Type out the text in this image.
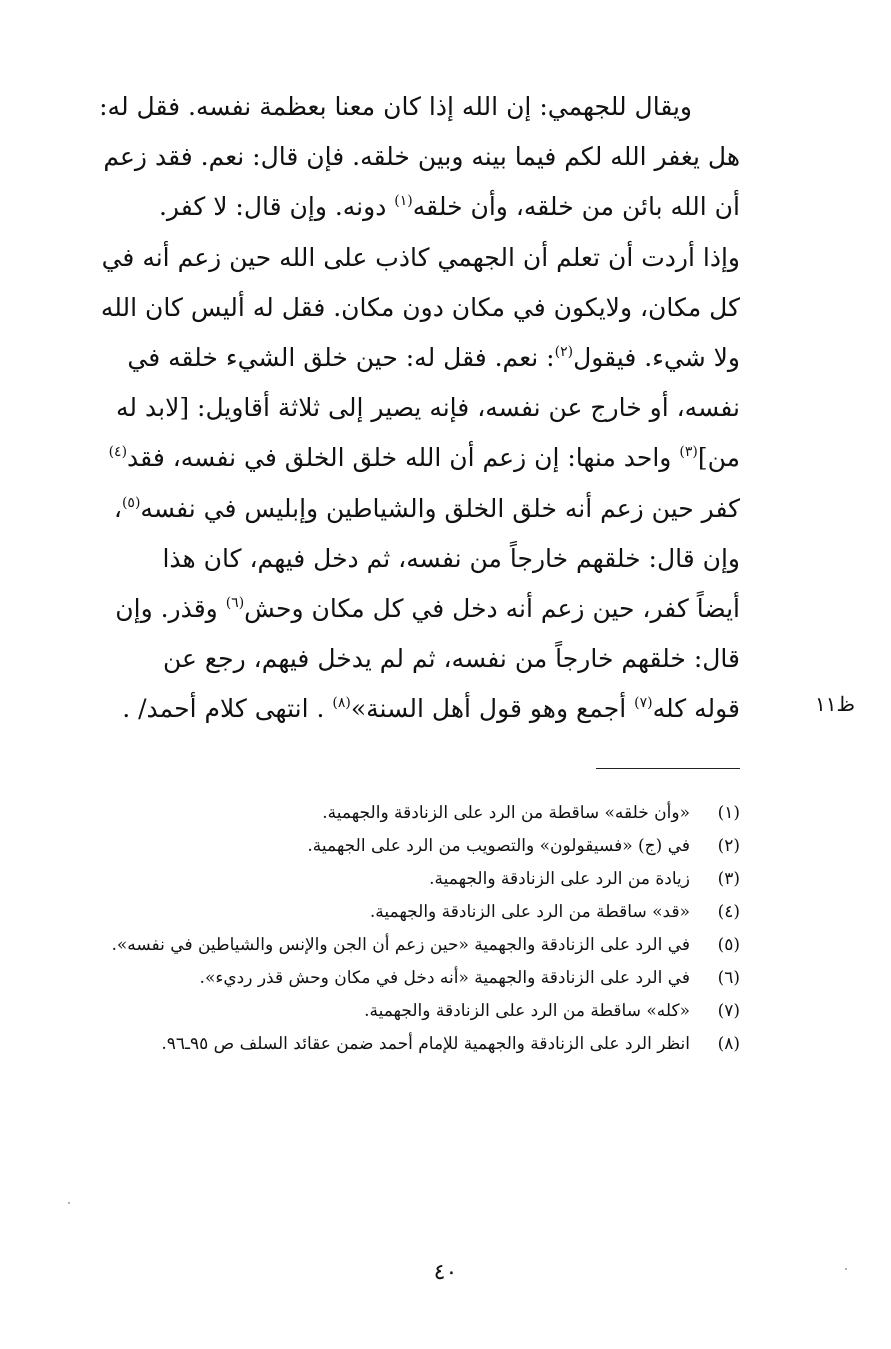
ويقال للجهمي: إن الله إذا كان معنا بعظمة نفسه. فقل له:
هل يغفر الله لكم فيما بينه وبين خلقه. فإن قال: نعم. فقد زعم
أن الله بائن من خلقه، وأن خلقه$^{(١)}$ دونه. وإن قال: لا كفر.
وإذا أردت أن تعلم أن الجهمي كاذب على الله حين زعم أنه في
كل مكان، ولايكون في مكان دون مكان. فقل له أليس كان الله
ولا شيء. فيقول$^{(٢)}$: نعم. فقل له: حين خلق الشيء خلقه في
نفسه، أو خارج عن نفسه، فإنه يصير إلى ثلاثة أقاويل: [لابد له
من]$^{(٣)}$ واحد منها: إن زعم أن الله خلق الخلق في نفسه، فقد$^{(٤)}$
كفر حين زعم أنه خلق الخلق والشياطين وإبليس في نفسه$^{(٥)}$،
وإن قال: خلقهم خارجاً من نفسه، ثم دخل فيهم، كان هذا
أيضاً كفر، حين زعم أنه دخل في كل مكان وحش$^{(٦)}$ وقذر. وإن
قال: خلقهم خارجاً من نفسه، ثم لم يدخل فيهم، رجع عن
قوله كله$^{(٧)}$ أجمع وهو قول أهل السنة»$^{(٨)}$ . انتهى كلام أحمد/ .	ظ١١
(١)
«وأن خلقه» ساقطة من الرد على الزنادقة والجهمية.
(٢)
في (ج) «فسيقولون» والتصويب من الرد على الجهمية.
(٣)
زيادة من الرد على الزنادقة والجهمية.
(٤)
«قد» ساقطة من الرد على الزنادقة والجهمية.
(٥)
في الرد على الزنادقة والجهمية «حين زعم أن الجن والإنس والشياطين في نفسه».
(٦)
في الرد على الزنادقة والجهمية «أنه دخل في مكان وحش قذر رديء».
(٧)
«كله» ساقطة من الرد على الزنادقة والجهمية.
(٨)
انظر الرد على الزنادقة والجهمية للإمام أحمد ضمن عقائد السلف ص ٩٥ـ٩٦.
٤٠
